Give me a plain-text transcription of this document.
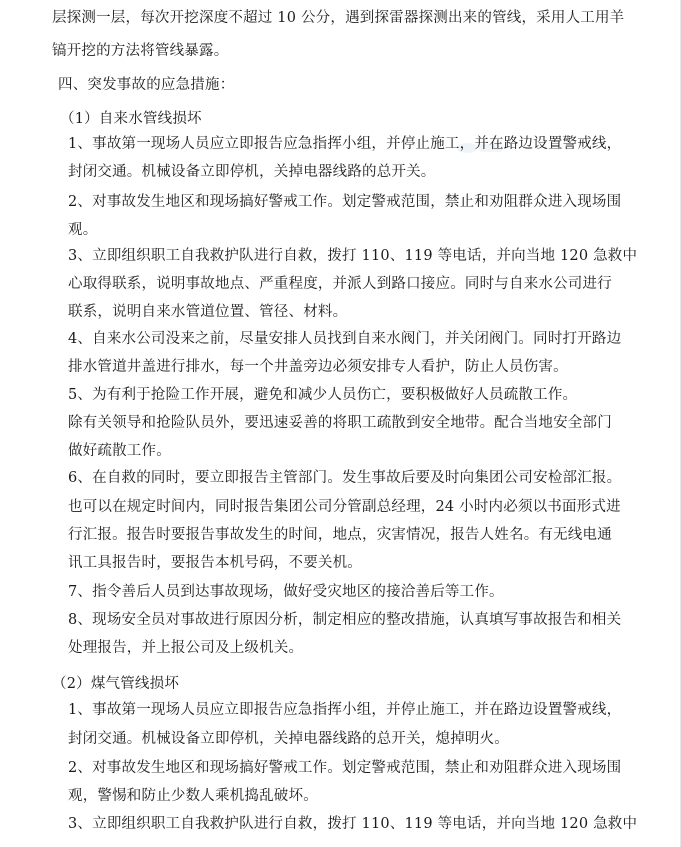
层探测一层，每次开挖深度不超过 10 公分，遇到探雷器探测出来的管线，采用人工用羊
镐开挖的方法将管线暴露。
四、突发事故的应急措施：
（1）自来水管线损坏
1、事故第一现场人员应立即报告应急指挥小组，并停止施工，并在路边设置警戒线，
封闭交通。机械设备立即停机，关掉电器线路的总开关。
2、对事故发生地区和现场搞好警戒工作。划定警戒范围，禁止和劝阻群众进入现场围
观。
3、立即组织职工自我救护队进行自救，拨打 110、119 等电话，并向当地 120 急救中
心取得联系，说明事故地点、严重程度，并派人到路口接应。同时与自来水公司进行
联系，说明自来水管道位置、管径、材料。
4、自来水公司没来之前，尽量安排人员找到自来水阀门，并关闭阀门。同时打开路边
排水管道井盖进行排水，每一个井盖旁边必须安排专人看护，防止人员伤害。
5、为有利于抢险工作开展，避免和减少人员伤亡，要积极做好人员疏散工作。
除有关领导和抢险队员外，要迅速妥善的将职工疏散到安全地带。配合当地安全部门
做好疏散工作。
6、在自救的同时，要立即报告主管部门。发生事故后要及时向集团公司安检部汇报。
也可以在规定时间内，同时报告集团公司分管副总经理，24 小时内必须以书面形式进
行汇报。报告时要报告事故发生的时间，地点，灾害情况，报告人姓名。有无线电通
讯工具报告时，要报告本机号码，不要关机。
7、指令善后人员到达事故现场，做好受灾地区的接洽善后等工作。
8、现场安全员对事故进行原因分析，制定相应的整改措施，认真填写事故报告和相关
处理报告，并上报公司及上级机关。
（2）煤气管线损坏
1、事故第一现场人员应立即报告应急指挥小组，并停止施工，并在路边设置警戒线，
封闭交通。机械设备立即停机，关掉电器线路的总开关，熄掉明火。
2、对事故发生地区和现场搞好警戒工作。划定警戒范围，禁止和劝阻群众进入现场围
观，警惕和防止少数人乘机捣乱破坏。
3、立即组织职工自我救护队进行自救，拨打 110、119 等电话，并向当地 120 急救中
